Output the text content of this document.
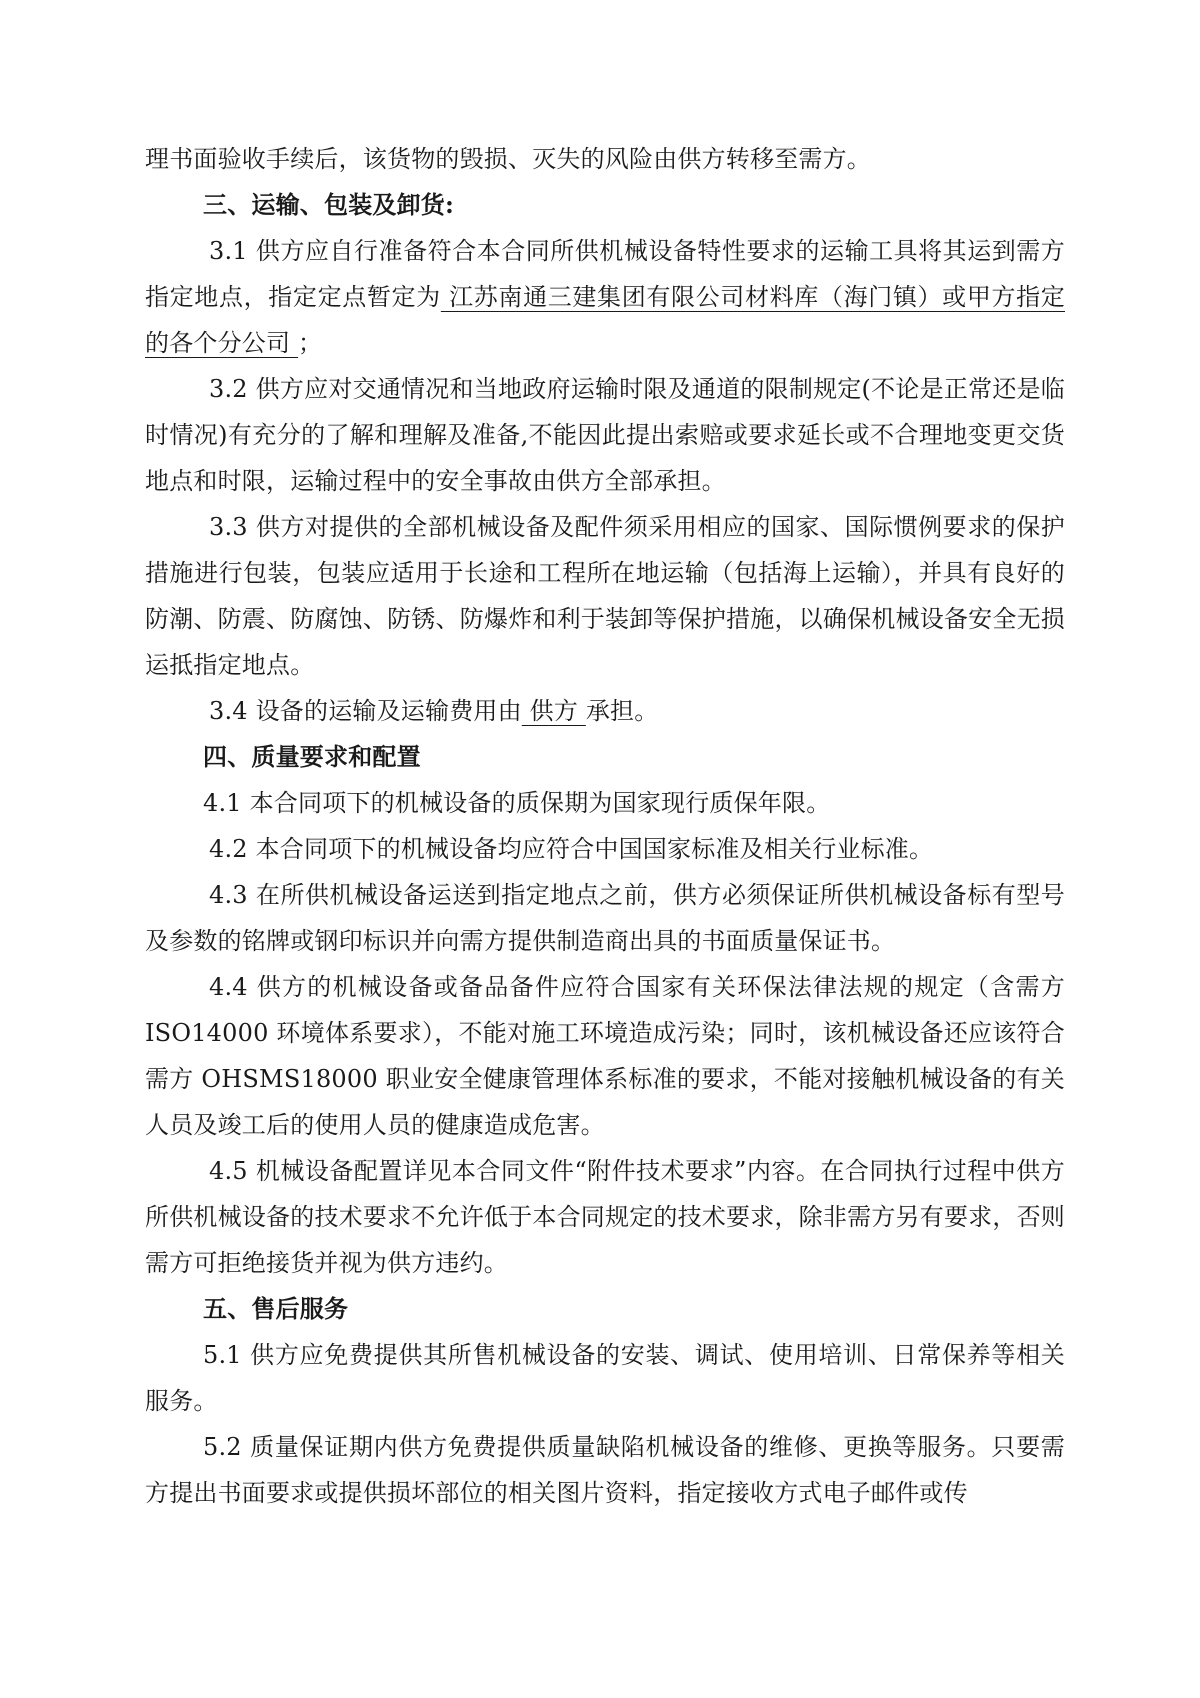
理书面验收手续后，该货物的毁损、灭失的风险由供方转移至需方。

三、运输、包装及卸货:

3.1 供方应自行准备符合本合同所供机械设备特性要求的运输工具将其运到需方指定地点，指定定点暂定为 江苏南通三建集团有限公司材料库（海门镇）或甲方指定的各个分公司 ；

3.2 供方应对交通情况和当地政府运输时限及通道的限制规定(不论是正常还是临时情况)有充分的了解和理解及准备,不能因此提出索赔或要求延长或不合理地变更交货地点和时限，运输过程中的安全事故由供方全部承担。

3.3 供方对提供的全部机械设备及配件须采用相应的国家、国际惯例要求的保护措施进行包装，包装应适用于长途和工程所在地运输（包括海上运输），并具有良好的防潮、防震、防腐蚀、防锈、防爆炸和利于装卸等保护措施，以确保机械设备安全无损运抵指定地点。

3.4 设备的运输及运输费用由 供方 承担。

四、质量要求和配置

4.1 本合同项下的机械设备的质保期为国家现行质保年限。

4.2 本合同项下的机械设备均应符合中国国家标准及相关行业标准。

4.3 在所供机械设备运送到指定地点之前，供方必须保证所供机械设备标有型号及参数的铭牌或钢印标识并向需方提供制造商出具的书面质量保证书。

4.4 供方的机械设备或备品备件应符合国家有关环保法律法规的规定（含需方 ISO14000 环境体系要求），不能对施工环境造成污染；同时，该机械设备还应该符合需方 OHSMS18000 职业安全健康管理体系标准的要求，不能对接触机械设备的有关人员及竣工后的使用人员的健康造成危害。

4.5 机械设备配置详见本合同文件“附件技术要求”内容。在合同执行过程中供方所供机械设备的技术要求不允许低于本合同规定的技术要求，除非需方另有要求，否则需方可拒绝接货并视为供方违约。

五、售后服务

5.1 供方应免费提供其所售机械设备的安装、调试、使用培训、日常保养等相关服务。

5.2 质量保证期内供方免费提供质量缺陷机械设备的维修、更换等服务。只要需方提出书面要求或提供损坏部位的相关图片资料，指定接收方式电子邮件或传
